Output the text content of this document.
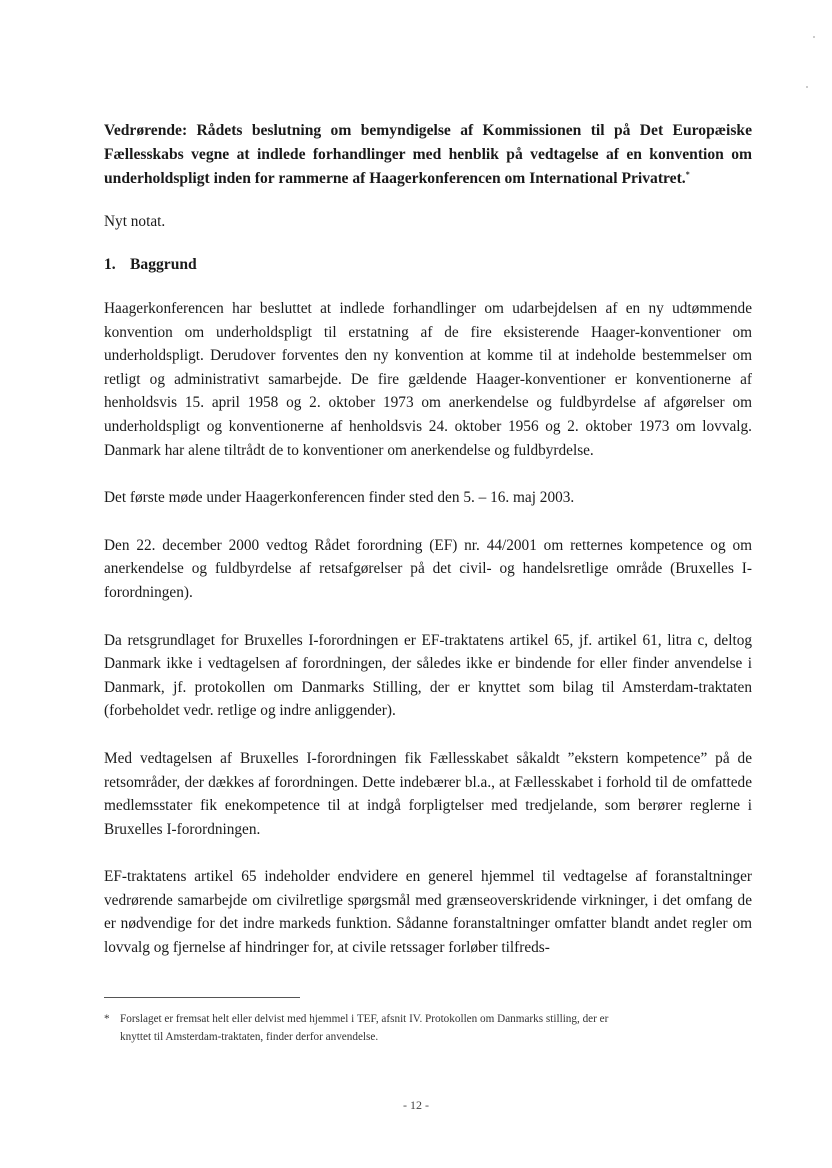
Vedrørende: Rådets beslutning om bemyndigelse af Kommissionen til på Det Europæiske Fællesskabs vegne at indlede forhandlinger med henblik på vedtagelse af en konvention om underholdspligt inden for rammerne af Haagerkonferencen om International Privatret.*

Nyt notat.

1. Baggrund

Haagerkonferencen har besluttet at indlede forhandlinger om udarbejdelsen af en ny udtømmende konvention om underholdspligt til erstatning af de fire eksisterende Haager-konventioner om underholdspligt. Derudover forventes den ny konvention at komme til at indeholde bestemmelser om retligt og administrativt samarbejde. De fire gældende Haager-konventioner er konventionerne af henholdsvis 15. april 1958 og 2. oktober 1973 om anerkendelse og fuldbyrdelse af afgørelser om underholdspligt og konventionerne af henholdsvis 24. oktober 1956 og 2. oktober 1973 om lovvalg. Danmark har alene tiltrådt de to konventioner om anerkendelse og fuldbyrdelse.

Det første møde under Haagerkonferencen finder sted den 5. – 16. maj 2003.

Den 22. december 2000 vedtog Rådet forordning (EF) nr. 44/2001 om retternes kompetence og om anerkendelse og fuldbyrdelse af retsafgørelser på det civil- og handelsretlige område (Bruxelles I-forordningen).

Da retsgrundlaget for Bruxelles I-forordningen er EF-traktatens artikel 65, jf. artikel 61, litra c, deltog Danmark ikke i vedtagelsen af forordningen, der således ikke er bindende for eller finder anvendelse i Danmark, jf. protokollen om Danmarks Stilling, der er knyttet som bilag til Amsterdam-traktaten (forbeholdet vedr. retlige og indre anliggender).

Med vedtagelsen af Bruxelles I-forordningen fik Fællesskabet såkaldt ”ekstern kompetence” på de retsområder, der dækkes af forordningen. Dette indebærer bl.a., at Fællesskabet i forhold til de omfattede medlemsstater fik enekompetence til at indgå forpligtelser med tredjelande, som berører reglerne i Bruxelles I-forordningen.

EF-traktatens artikel 65 indeholder endvidere en generel hjemmel til vedtagelse af foranstaltninger vedrørende samarbejde om civilretlige spørgsmål med grænseoverskridende virkninger, i det omfang de er nødvendige for det indre markeds funktion. Sådanne foranstaltninger omfatter blandt andet regler om lovvalg og fjernelse af hindringer for, at civile retssager forløber tilfreds-

* Forslaget er fremsat helt eller delvist med hjemmel i TEF, afsnit IV. Protokollen om Danmarks stilling, der er
knyttet til Amsterdam-traktaten, finder derfor anvendelse.
- 12 -
